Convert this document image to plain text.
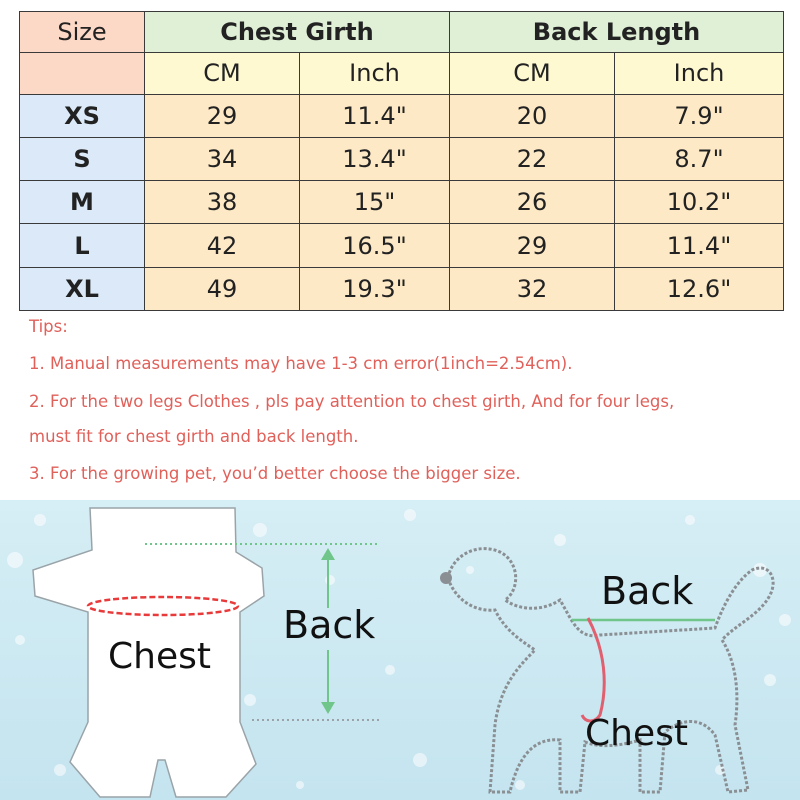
Size	Chest Girth		Back Length	
	CM	Inch	CM	Inch
XS	29	11.4"	20	7.9"
S	34	13.4"	22	8.7"
M	38	15"	26	10.2"
L	42	16.5"	29	11.4"
XL	49	19.3"	32	12.6"
Tips:
1. Manual measurements may have 1-3 cm error(1inch=2.54cm).
2. For the two legs Clothes , pls pay attention to chest girth, And for four legs,
must fit for chest girth and back length.
3. For the growing pet, you’d better choose the bigger size.
Chest
Back
Back
Chest
